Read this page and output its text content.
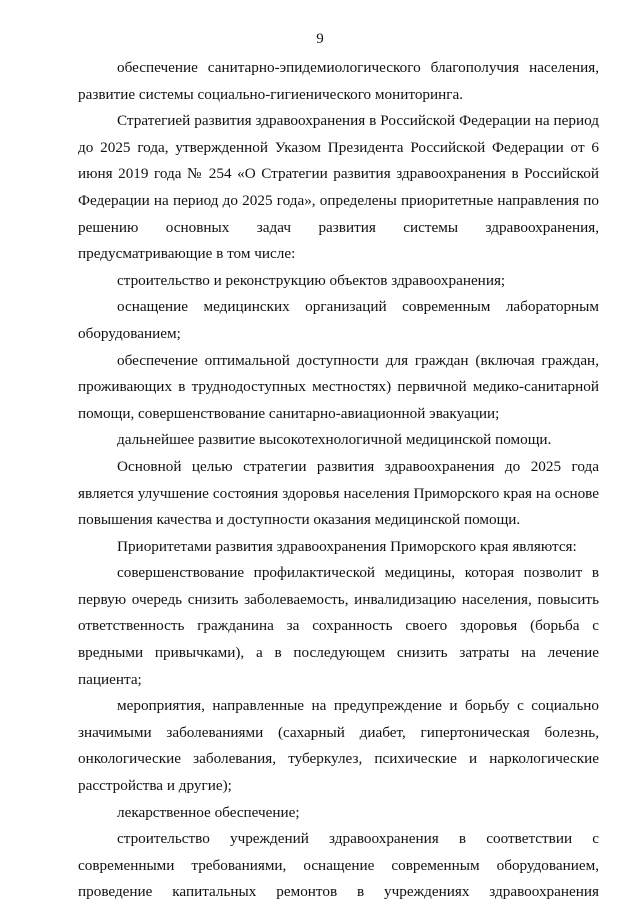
9

обеспечение санитарно-эпидемиологического благополучия населения, развитие системы социально-гигиенического мониторинга.

Стратегией развития здравоохранения в Российской Федерации на период до 2025 года, утвержденной Указом Президента Российской Федерации от 6 июня 2019 года № 254 «О Стратегии развития здравоохранения в Российской Федерации на период до 2025 года», определены приоритетные направления по решению основных задач развития системы здравоохранения, предусматривающие в том числе:

строительство и реконструкцию объектов здравоохранения;

оснащение медицинских организаций современным лабораторным оборудованием;

обеспечение оптимальной доступности для граждан (включая граждан, проживающих в труднодоступных местностях) первичной медико-санитарной помощи, совершенствование санитарно-авиационной эвакуации;

дальнейшее развитие высокотехнологичной медицинской помощи.

Основной целью стратегии развития здравоохранения до 2025 года является улучшение состояния здоровья населения Приморского края на основе повышения качества и доступности оказания медицинской помощи.

Приоритетами развития здравоохранения Приморского края являются:

совершенствование профилактической медицины, которая позволит в первую очередь снизить заболеваемость, инвалидизацию населения, повысить ответственность гражданина за сохранность своего здоровья (борьба с вредными привычками), а в последующем снизить затраты на лечение пациента;

мероприятия, направленные на предупреждение и борьбу с социально значимыми заболеваниями (сахарный диабет, гипертоническая болезнь, онкологические заболевания, туберкулез, психические и наркологические расстройства и другие);

лекарственное обеспечение;

строительство учреждений здравоохранения в соответствии с современными требованиями, оснащение современным оборудованием, проведение капитальных ремонтов в учреждениях здравоохранения
